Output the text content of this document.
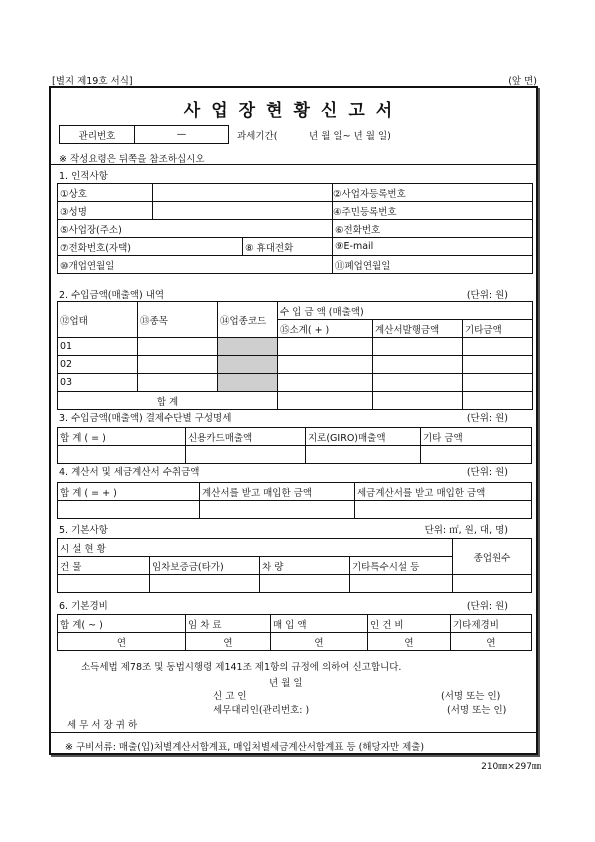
[별지 제19호 서식]	(앞 면)
사업장현황신고서
관리번호	—	과세기간(	년 월 일~ 년 월 일)
※ 작성요령은 뒤쪽을 참조하십시오
1. 인적사항
①상호			②사업자등록번호
③성명			④주민등록번호
⑤사업장(주소)			⑥전화번호
⑦전화번호(자택)		⑧ 휴대전화	⑨E-mail
⑩개업연월일			⑪폐업연월일
2. 수입금액(매출액) 내역	(단위: 원)
⑫업태	⑬종목	⑭업종코드	수 입 금 액 (매출액)		
			⑮소계( + )	계산서발행금액	기타금액
01					
02					
03					
합 계					
3. 수입금액(매출액) 결제수단별 구성명세	(단위: 원)
합 계 ( = )	신용카드매출액	지로(GIRO)매출액	기타 금액

4. 계산서 및 세금계산서 수취금액	(단위: 원)
합 계 ( = + )	계산서를 받고 매입한 금액	세금계산서를 받고 매입한 금액

5. 기본사항	단위: ㎡, 원, 대, 명)
시 설 현 황				종업원수
건 물	임차보증금(타가)	차 량	기타특수시설 등	

6. 기본경비	(단위: 원)
합 계( ~ )	임 차 료	매 입 액	인 건 비	기타제경비
연	연	연	연	연
소득세법 제78조 및 동법시행령 제141조 제1항의 규정에 의하여 신고합니다.
년 월 일
신 고 인	(서명 또는 인)
세무대리인(관리번호: )	(서명 또는 인)
세 무 서 장 귀 하
※ 구비서류: 매출(입)처별계산서합계표, 매입처별세금계산서합계표 등 (해당자만 제출)
210㎜×297㎜
